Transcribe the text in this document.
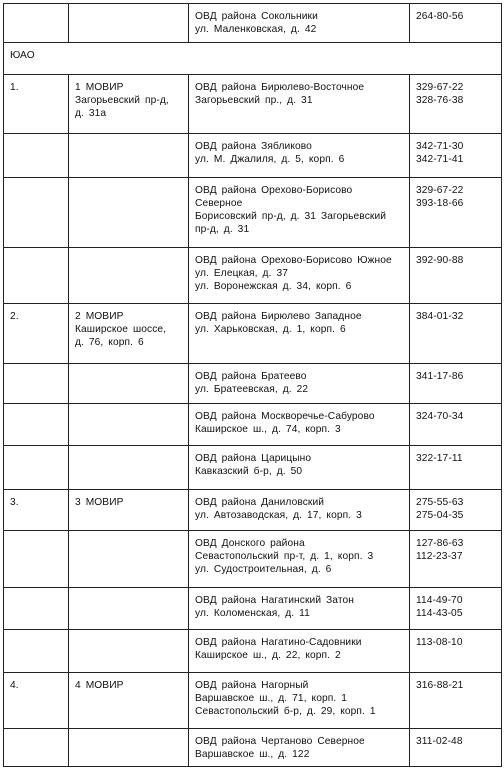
		ОВД района Сокольники
ул. Маленковская, д. 42	264-80-56

ЮАО			
1.	1 МОВИР
Загорьевский пр-д,
д. 31а	ОВД района Бирюлево-Восточное
Загорьевский пр., д. 31	329-67-22
328-76-38

		ОВД района Зябликово
ул. М. Джалиля, д. 5, корп. 6	342-71-30
342-71-41

		ОВД района Орехово-Борисово
Северное
Борисовский пр-д, д. 31 Загорьевский
пр-д, д. 31	329-67-22
393-18-66

		ОВД района Орехово-Борисово Южное
ул. Елецкая, д. 37
ул. Воронежская д. 34, корп. 6	392-90-88

2.	2 МОВИР
Каширское шоссе,
д. 76, корп. 6	ОВД района Бирюлево Западное
ул. Харьковская, д. 1, корп. 6	384-01-32

		ОВД района Братеево
ул. Братеевская, д. 22	341-17-86

		ОВД района Москворечье-Сабурово
Каширское ш., д. 74, корп. 3	324-70-34

		ОВД района Царицыно
Кавказский б-р, д. 50	322-17-11

3.	3 МОВИР	ОВД района Даниловский
ул. Автозаводская, д. 17, корп. 3	275-55-63
275-04-35

		ОВД Донского района
Севастопольский пр-т, д. 1, корп. 3
ул. Судостроительная, д. 6	127-86-63
112-23-37

		ОВД района Нагатинский Затон
ул. Коломенская, д. 11	114-49-70
114-43-05

		ОВД района Нагатино-Садовники
Каширское ш., д. 22, корп. 2	113-08-10

4.	4 МОВИР	ОВД района Нагорный
Варшавское ш., д. 71, корп. 1
Севастопольский б-р, д. 29, корп. 1	316-88-21

		ОВД района Чертаново Северное
Варшавское ш., д. 122	311-02-48
